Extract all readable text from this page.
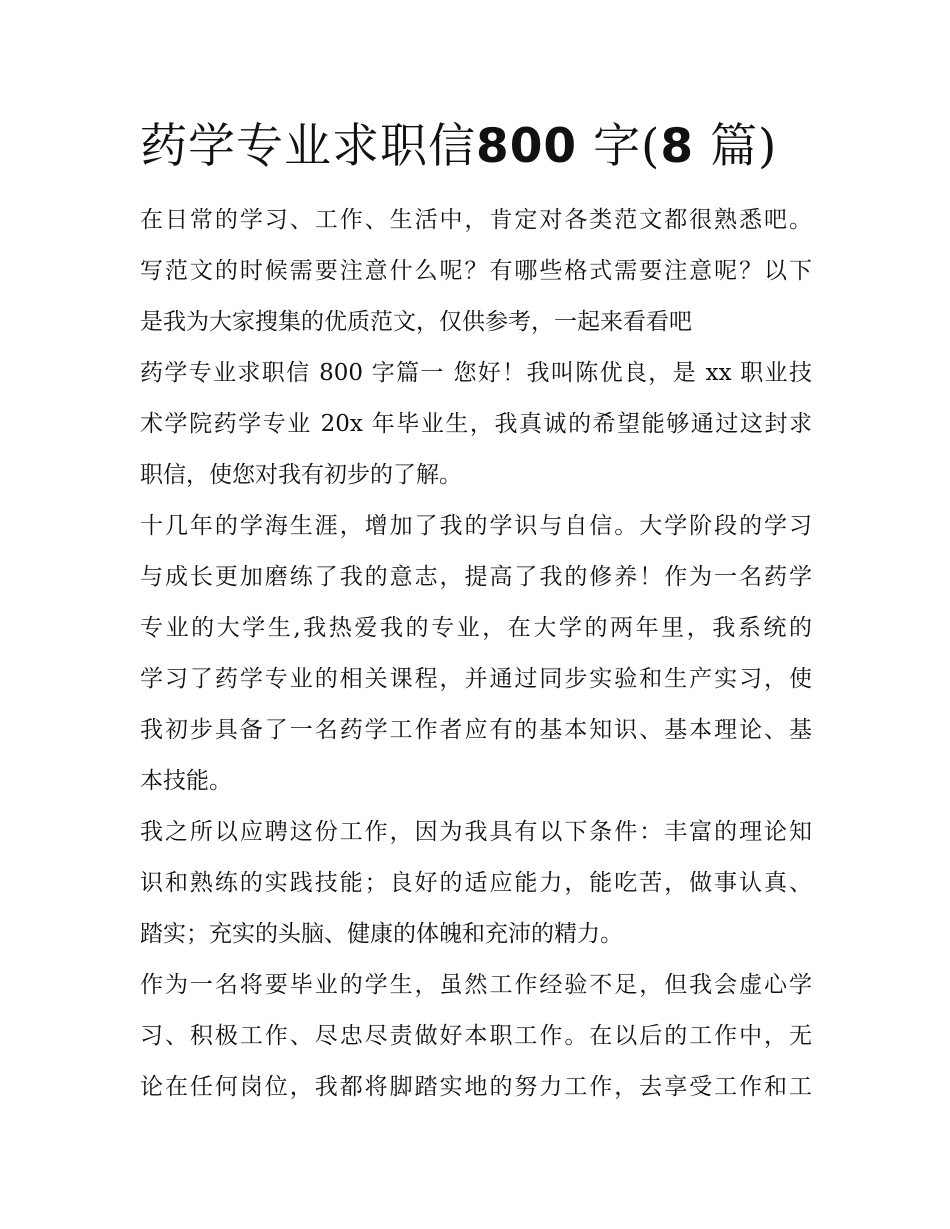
药学专业求职信800 字(8 篇)
在日常的学习、工作、生活中，肯定对各类范文都很熟悉吧。
写范文的时候需要注意什么呢？有哪些格式需要注意呢？以下
是我为大家搜集的优质范文，仅供参考，一起来看看吧
药学专业求职信 800 字篇一 您好！我叫陈优良，是 xx 职业技
术学院药学专业 20x 年毕业生，我真诚的希望能够通过这封求
职信，使您对我有初步的了解。
十几年的学海生涯，增加了我的学识与自信。大学阶段的学习
与成长更加磨练了我的意志，提高了我的修养！作为一名药学
专业的大学生,我热爱我的专业，在大学的两年里，我系统的
学习了药学专业的相关课程，并通过同步实验和生产实习，使
我初步具备了一名药学工作者应有的基本知识、基本理论、基
本技能。
我之所以应聘这份工作，因为我具有以下条件：丰富的理论知
识和熟练的实践技能；良好的适应能力，能吃苦，做事认真、
踏实；充实的头脑、健康的体魄和充沛的精力。
作为一名将要毕业的学生，虽然工作经验不足，但我会虚心学
习、积极工作、尽忠尽责做好本职工作。在以后的工作中，无
论在任何岗位，我都将脚踏实地的努力工作，去享受工作和工
